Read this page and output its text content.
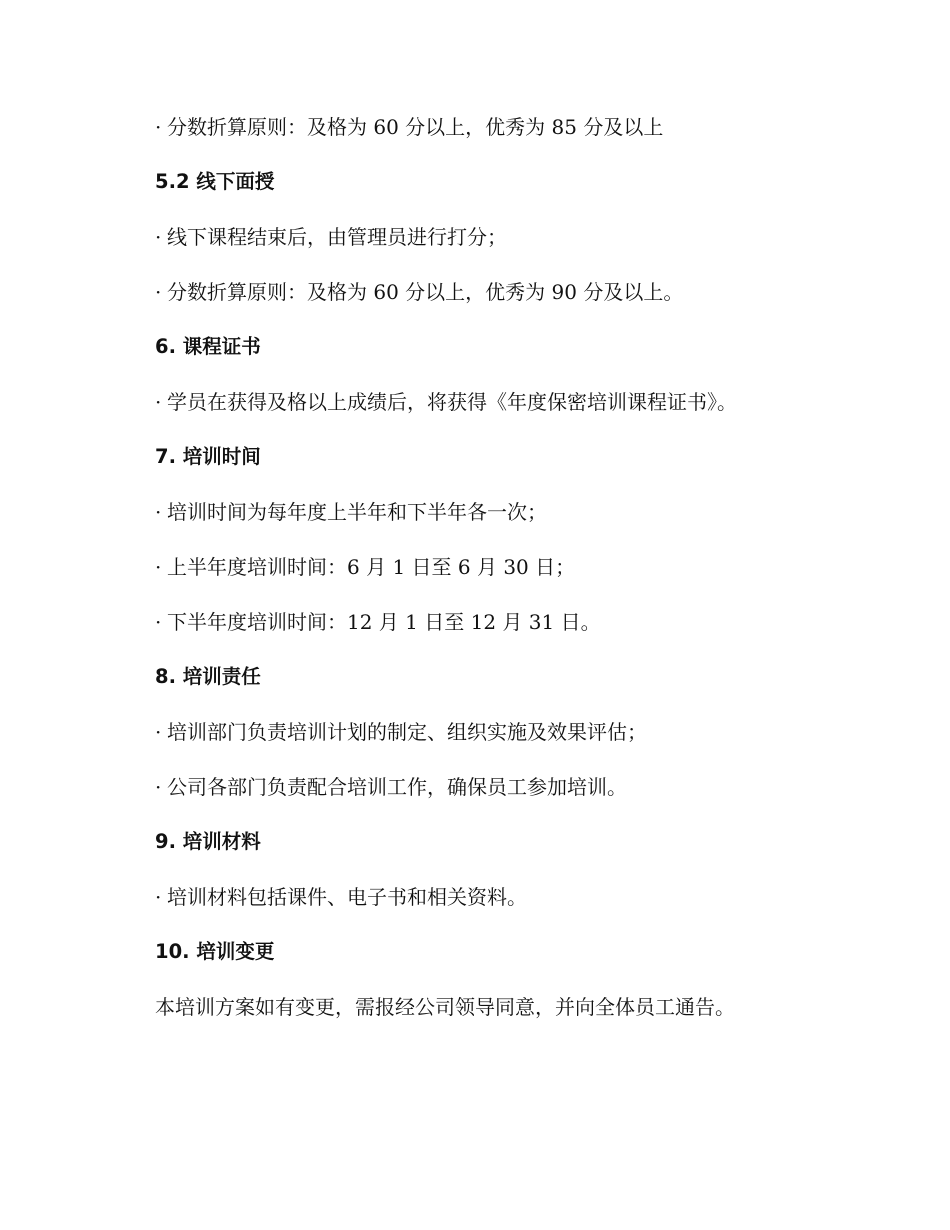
· 分数折算原则：及格为 60 分以上，优秀为 85 分及以上
5.2 线下面授
· 线下课程结束后，由管理员进行打分；
· 分数折算原则：及格为 60 分以上，优秀为 90 分及以上。
6. 课程证书
· 学员在获得及格以上成绩后，将获得《年度保密培训课程证书》。
7. 培训时间
· 培训时间为每年度上半年和下半年各一次；
· 上半年度培训时间：6 月 1 日至 6 月 30 日；
· 下半年度培训时间：12 月 1 日至 12 月 31 日。
8. 培训责任
· 培训部门负责培训计划的制定、组织实施及效果评估；
· 公司各部门负责配合培训工作，确保员工参加培训。
9. 培训材料
· 培训材料包括课件、电子书和相关资料。
10. 培训变更
本培训方案如有变更，需报经公司领导同意，并向全体员工通告。
